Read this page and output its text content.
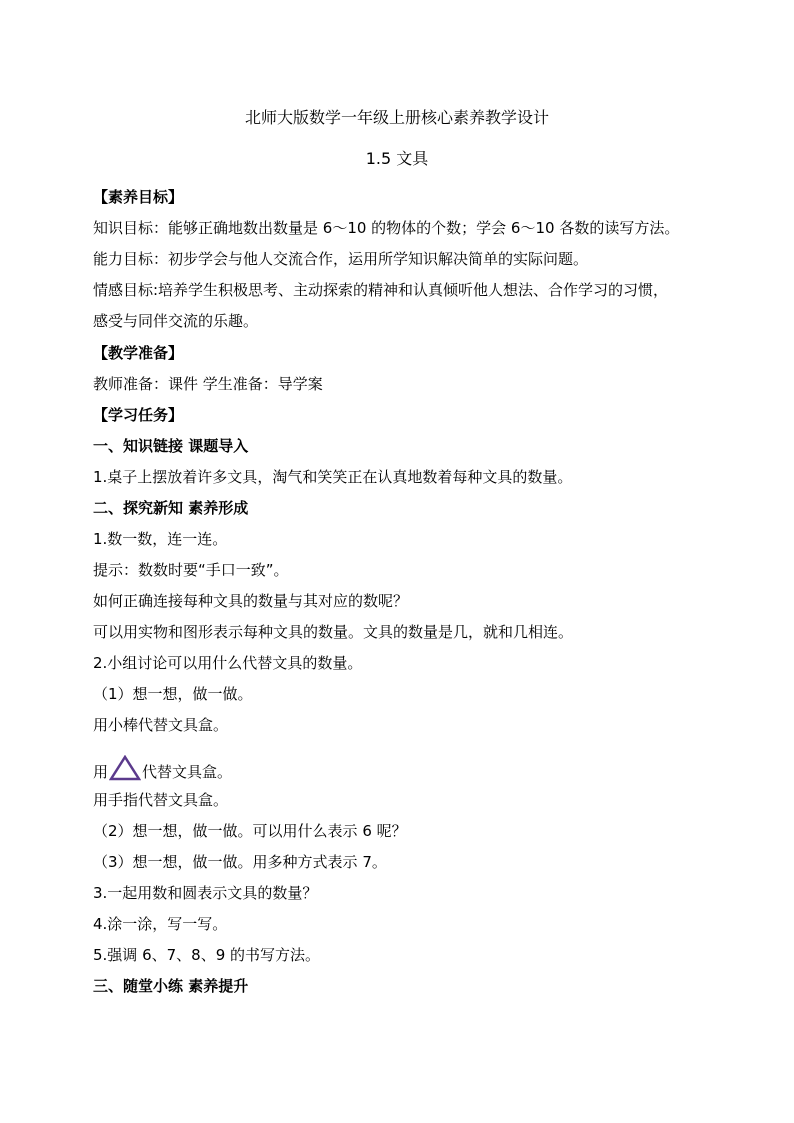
北师大版数学一年级上册核心素养教学设计
1.5 文具
【素养目标】
知识目标：能够正确地数出数量是 6～10 的物体的个数；学会 6～10 各数的读写方法。
能力目标：初步学会与他人交流合作，运用所学知识解决简单的实际问题。
情感目标:培养学生积极思考、主动探索的精神和认真倾听他人想法、合作学习的习惯，
感受与同伴交流的乐趣。
【教学准备】
教师准备：课件 学生准备：导学案
【学习任务】
一、知识链接 课题导入
1.桌子上摆放着许多文具，淘气和笑笑正在认真地数着每种文具的数量。
二、探究新知 素养形成
1.数一数，连一连。
提示：数数时要“手口一致”。
如何正确连接每种文具的数量与其对应的数呢？
可以用实物和图形表示每种文具的数量。文具的数量是几，就和几相连。
2.小组讨论可以用什么代替文具的数量。
（1）想一想，做一做。
用小棒代替文具盒。
用 代替文具盒。
用手指代替文具盒。
（2）想一想，做一做。可以用什么表示 6 呢？
（3）想一想，做一做。用多种方式表示 7。
3.一起用数和圆表示文具的数量？
4.涂一涂，写一写。
5.强调 6、7、8、9 的书写方法。
三、随堂小练 素养提升
